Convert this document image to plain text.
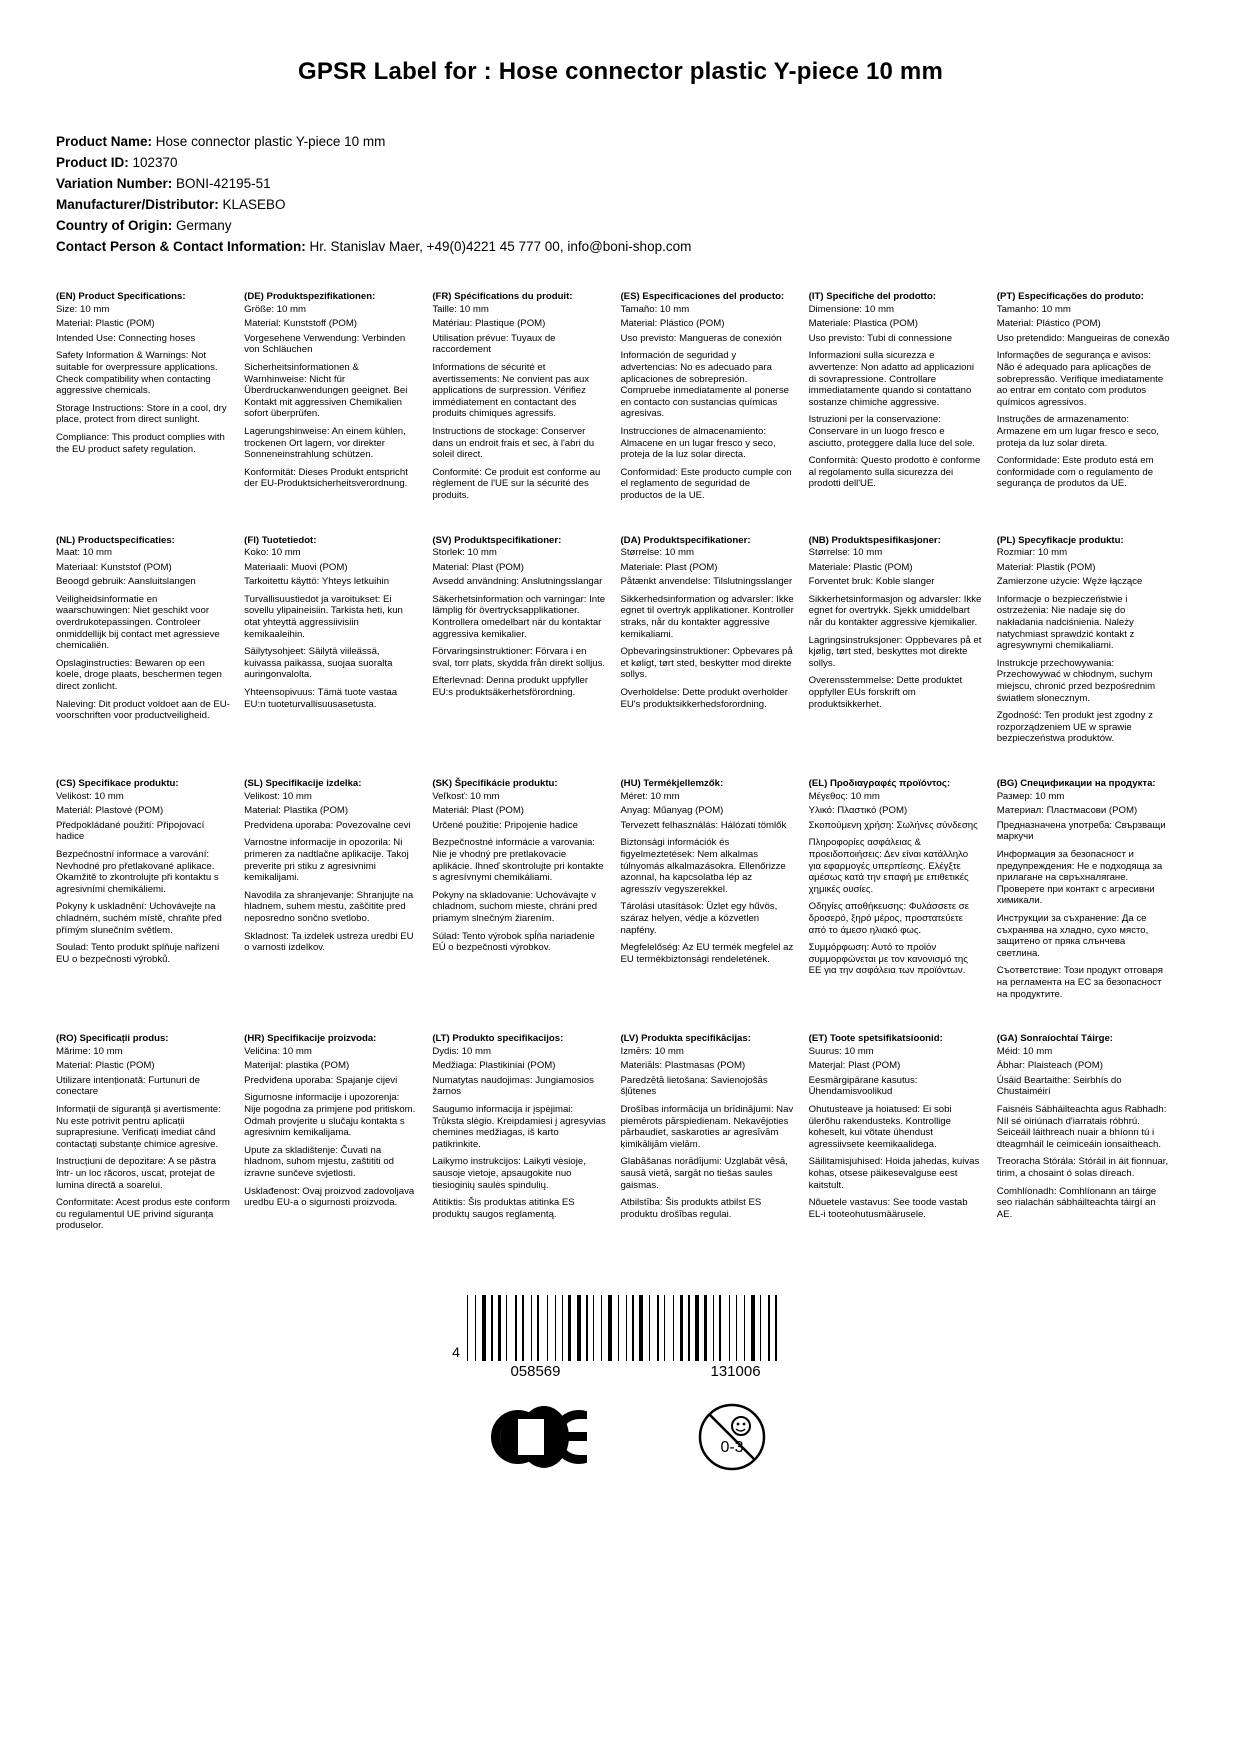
GPSR Label for : Hose connector plastic Y-piece 10 mm
Product Name: Hose connector plastic Y-piece 10 mm
Product ID: 102370
Variation Number: BONI-42195-51
Manufacturer/Distributor: KLASEBO
Country of Origin: Germany
Contact Person & Contact Information: Hr. Stanislav Maer, +49(0)4221 45 777 00, info@boni-shop.com
(EN) Product Specifications:

Size: 10 mm

Material: Plastic (POM)

Intended Use: Connecting hoses

Safety Information & Warnings: Not suitable for overpressure applications. Check compatibility when contacting aggressive chemicals.

Storage Instructions: Store in a cool, dry place, protect from direct sunlight.

Compliance: This product complies with the EU product safety regulation.

(DE) Produktspezifikationen:

Größe: 10 mm

Material: Kunststoff (POM)

Vorgesehene Verwendung: Verbinden von Schläuchen

Sicherheitsinformationen & Warnhinweise: Nicht für Überdruckanwendungen geeignet. Bei Kontakt mit aggressiven Chemikalien sofort überprüfen.

Lagerungshinweise: An einem kühlen, trockenen Ort lagern, vor direkter Sonneneinstrahlung schützen.

Konformität: Dieses Produkt entspricht der EU-Produktsicherheitsverordnung.

(FR) Spécifications du produit:

Taille: 10 mm

Matériau: Plastique (POM)

Utilisation prévue: Tuyaux de raccordement

Informations de sécurité et avertissements: Ne convient pas aux applications de surpression. Vérifiez immédiatement en contactant des produits chimiques agressifs.

Instructions de stockage: Conserver dans un endroit frais et sec, à l'abri du soleil direct.

Conformité: Ce produit est conforme au règlement de l'UE sur la sécurité des produits.

(ES) Especificaciones del producto:

Tamaño: 10 mm

Material: Plástico (POM)

Uso previsto: Mangueras de conexión

Información de seguridad y advertencias: No es adecuado para aplicaciones de sobrepresión. Compruebe inmediatamente al ponerse en contacto con sustancias químicas agresivas.

Instrucciones de almacenamiento: Almacene en un lugar fresco y seco, proteja de la luz solar directa.

Conformidad: Este producto cumple con el reglamento de seguridad de productos de la UE.

(IT) Specifiche del prodotto:

Dimensione: 10 mm

Materiale: Plastica (POM)

Uso previsto: Tubi di connessione

Informazioni sulla sicurezza e avvertenze: Non adatto ad applicazioni di sovrapressione. Controllare immediatamente quando si contattano sostanze chimiche aggressive.

Istruzioni per la conservazione: Conservare in un luogo fresco e asciutto, proteggere dalla luce del sole.

Conformità: Questo prodotto è conforme al regolamento sulla sicurezza dei prodotti dell'UE.

(PT) Especificações do produto:

Tamanho: 10 mm

Material: Plástico (POM)

Uso pretendido: Mangueiras de conexão

Informações de segurança e avisos: Não é adequado para aplicações de sobrepressão. Verifique imediatamente ao entrar em contato com produtos químicos agressivos.

Instruções de armazenamento: Armazene em um lugar fresco e seco, proteja da luz solar direta.

Conformidade: Este produto está em conformidade com o regulamento de segurança de produtos da UE.

(NL) Productspecificaties:

Maat: 10 mm

Materiaal: Kunststof (POM)

Beoogd gebruik: Aansluitslangen

Veiligheidsinformatie en waarschuwingen: Niet geschikt voor overdrukotepassingen. Controleer onmiddellijk bij contact met agressieve chemicaliën.

Opslaginstructies: Bewaren op een koele, droge plaats, beschermen tegen direct zonlicht.

Naleving: Dit product voldoet aan de EU-voorschriften voor productveiligheid.

(FI) Tuotetiedot:

Koko: 10 mm

Materiaali: Muovi (POM)

Tarkoitettu käyttö: Yhteys letkuihin

Turvallisuustiedot ja varoitukset: Ei sovellu ylipaineisiin. Tarkista heti, kun otat yhteyttä aggressiivisiin kemikaaleihin.

Säilytysohjeet: Säilytä viileässä, kuivassa paikassa, suojaa suoralta auringonvalolta.

Yhteensopivuus: Tämä tuote vastaa EU:n tuoteturvallisuusasetusta.

(SV) Produktspecifikationer:

Storlek: 10 mm

Material: Plast (POM)

Avsedd användning: Anslutningsslangar

Säkerhetsinformation och varningar: Inte lämplig för övertrycksapplikationer. Kontrollera omedelbart när du kontaktar aggressiva kemikalier.

Förvaringsinstruktioner: Förvara i en sval, torr plats, skydda från direkt solljus.

Efterlevnad: Denna produkt uppfyller EU:s produktsäkerhetsförordning.

(DA) Produktspecifikationer:

Størrelse: 10 mm

Materiale: Plast (POM)

Påtænkt anvendelse: Tilslutningsslanger

Sikkerhedsinformation og advarsler: Ikke egnet til overtryk applikationer. Kontroller straks, når du kontakter aggressive kemikaliami.

Opbevaringsinstruktioner: Opbevares på et køligt, tørt sted, beskytter mod direkte sollys.

Overholdelse: Dette produkt overholder EU's produktsikkerhedsforordning.

(NB) Produktspesifikasjoner:

Størrelse: 10 mm

Materiale: Plastic (POM)

Forventet bruk: Koble slanger

Sikkerhetsinformasjon og advarsler: Ikke egnet for overtrykk. Sjekk umiddelbart når du kontakter aggressive kjemikalier.

Lagringsinstruksjoner: Oppbevares på et kjølig, tørt sted, beskyttes mot direkte sollys.

Overensstemmelse: Dette produktet oppfyller EUs forskrift om produktsikkerhet.

(PL) Specyfikacje produktu:

Rozmiar: 10 mm

Materiał: Plastik (POM)

Zamierzone użycie: Węże łączące

Informacje o bezpieczeństwie i ostrzeżenia: Nie nadaje się do nakładania nadciśnienia. Należy natychmiast sprawdzić kontakt z agresywnymi chemikaliami.

Instrukcje przechowywania: Przechowywać w chłodnym, suchym miejscu, chronić przed bezpośrednim światłem słonecznym.

Zgodność: Ten produkt jest zgodny z rozporządzeniem UE w sprawie bezpieczeństwa produktów.

(CS) Specifikace produktu:

Velikost: 10 mm

Materiál: Plastové (POM)

Předpokládané použití: Připojovací hadice

Bezpečnostní informace a varování: Nevhodné pro přetlakované aplikace. Okamžitě to zkontrolujte při kontaktu s agresivními chemikáliemi.

Pokyny k uskladnění: Uchovávejte na chladném, suchém místě, chraňte před přímým slunečním světlem.

Soulad: Tento produkt splňuje nařízení EU o bezpečnosti výrobků.

(SL) Specifikacije izdelka:

Velikost: 10 mm

Material: Plastika (POM)

Predvidena uporaba: Povezovalne cevi

Varnostne informacije in opozorila: Ni primeren za nadtlačne aplikacije. Takoj preverite pri stiku z agresivnimi kemikalijami.

Navodila za shranjevanje: Shranjujte na hladnem, suhem mestu, zaščitite pred neposredno sončno svetlobo.

Skladnost: Ta izdelek ustreza uredbi EU o varnosti izdelkov.

(SK) Špecifikácie produktu:

Veľkosť: 10 mm

Materiál: Plast (POM)

Určené použitie: Pripojenie hadice

Bezpečnostné informácie a varovania: Nie je vhodný pre pretlakovacie aplikácie. Ihneď skontrolujte pri kontakte s agresívnymi chemikáliami.

Pokyny na skladovanie: Uchovávajte v chladnom, suchom mieste, chráni pred priamym slnečným žiarením.

Súlad: Tento výrobok spĺňa nariadenie EÚ o bezpečnosti výrobkov.

(HU) Termékjellemzők:

Méret: 10 mm

Anyag: Műanyag (POM)

Tervezett felhasználás: Hálózati tömlők

Biztonsági információk és figyelmeztetések: Nem alkalmas túlnyomás alkalmazásokra. Ellenőrizze azonnal, ha kapcsolatba lép az agresszív vegyszerekkel.

Tárolási utasítások: Üzlet egy hűvös, száraz helyen, védje a közvetlen napfény.

Megfelelőség: Az EU termék megfelel az EU termékbiztonsági rendeletének.

(EL) Προδιαγραφές προϊόντος:

Μέγεθος: 10 mm

Υλικό: Πλαστικό (POM)

Σκοπούμενη χρήση: Σωλήνες σύνδεσης

Πληροφορίες ασφάλειας & προειδοποιήσεις: Δεν είναι κατάλληλο για εφαρμογές υπερπίεσης. Ελέγξτε αμέσως κατά την επαφή με επιθετικές χημικές ουσίες.

Οδηγίες αποθήκευσης: Φυλάσσετε σε δροσερό, ξηρό μέρος, προστατεύετε από το άμεσο ηλιακό φως.

Συμμόρφωση: Αυτό το προϊόν συμμορφώνεται με τον κανονισμό της ΕΕ για την ασφάλεια των προϊόντων.

(BG) Спецификации на продукта:

Размер: 10 mm

Материал: Пластмасови (POM)

Предназначена употреба: Свързващи маркучи

Информация за безопасност и предупреждения: Не е подходяща за прилагане на свръхналягане. Проверете при контакт с агресивни химикали.

Инструкции за съхранение: Да се съхранява на хладно, сухо място, защитено от пряка слънчева светлина.

Съответствие: Този продукт отговаря на регламента на ЕС за безопасност на продуктите.

(RO) Specificații produs:

Mărime: 10 mm

Material: Plastic (POM)

Utilizare intenționată: Furtunuri de conectare

Informații de siguranță și avertismente: Nu este potrivit pentru aplicații suprapresiune. Verificați imediat când contactați substanțe chimice agresive.

Instrucțiuni de depozitare: A se păstra într- un loc răcoros, uscat, protejat de lumina directă a soarelui.

Conformitate: Acest produs este conform cu regulamentul UE privind siguranța produselor.

(HR) Specifikacije proizvoda:

Veličina: 10 mm

Materijal: plastika (POM)

Predviđena uporaba: Spajanje cijevi

Sigurnosne informacije i upozorenja: Nije pogodna za primjene pod pritiskom. Odmah provjerite u slučaju kontakta s agresivnim kemikalijama.

Upute za skladištenje: Čuvati na hladnom, suhom mjestu, zaštititi od izravne sunčeve svjetlosti.

Usklađenost: Ovaj proizvod zadovoljava uredbu EU-a o sigurnosti proizvoda.

(LT) Produkto specifikacijos:

Dydis: 10 mm

Medžiaga: Plastikiniai (POM)

Numatytas naudojimas: Jungiamosios žarnos

Saugumo informacija ir įspėjimai: Trūksta slėgio. Kreipdamiesi į agresyvias chemines medžiagas, iš karto patikrinkite.

Laikymo instrukcijos: Laikyti vėsioje, sausoje vietoje, apsaugokite nuo tiesioginių saulės spindulių.

Atitiktis: Šis produktas atitinka ES produktų saugos reglamentą.

(LV) Produkta specifikācijas:

Izmērs: 10 mm

Materiāls: Plastmasas (POM)

Paredzētā lietošana: Savienojošās šļūtenes

Drošības informācija un brīdinājumi: Nav piemērots pārspiedienam. Nekavējoties pārbaudiet, saskaroties ar agresīvām ķimikālijām vielām.

Glabāšanas norādījumi: Uzglabāt vēsā, sausā vietā, sargāt no tiešas saules gaismas.

Atbilstība: Šis produkts atbilst ES produktu drošības regulai.

(ET) Toote spetsifikatsioonid:

Suurus: 10 mm

Materjal: Plast (POM)

Eesmärgipärane kasutus: Ühendamisvoolikud

Ohutusteave ja hoiatused: Ei sobi ülerõhu rakendusteks. Kontrollige koheselt, kui võtate ühendust agressiivsete keemikaalidega.

Säilitamisjuhised: Hoida jahedas, kuivas kohas, otsese päikesevalguse eest kaitstult.

Nõuetele vastavus: See toode vastab EL-i tooteohutusmäärusele.

(GA) Sonraíochtaí Táirge:

Méid: 10 mm

Ábhar: Plaisteach (POM)

Úsáid Beartaithe: Seirbhís do Chustaiméirí

Faisnéis Sábháilteachta agus Rabhadh: Níl sé oiriúnach d'iarratais róbhrú. Seiceáil láithreach nuair a bhíonn tú i dteagmháil le ceimiceáin ionsaitheach.

Treoracha Stórála: Stóráil in áit fionnuar, tirim, a chosaint ó solas díreach.

Comhlíonadh: Comhlíonann an táirge seo rialachán sábháilteachta táirgí an AE.

4
058569	131006
0-3
